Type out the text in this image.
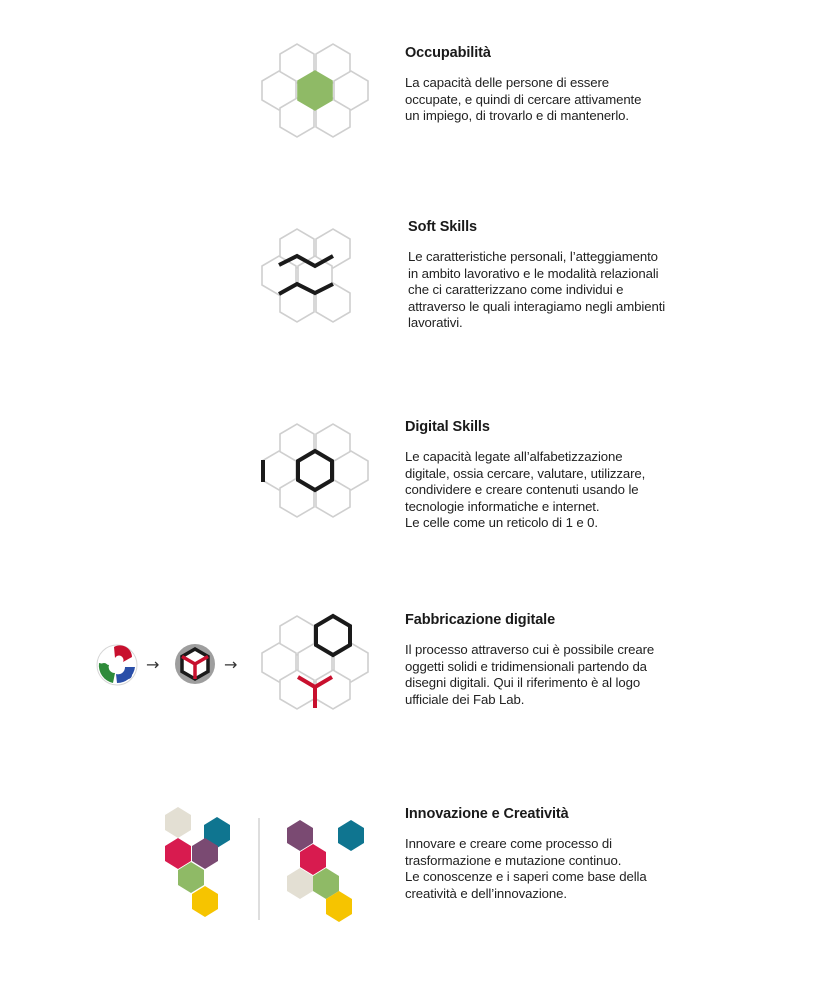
→	→
Occupabilità

La capacità delle persone di essere
occupate, e quindi di cercare attivamente
un impiego, di trovarlo e di mantenerlo.

Soft Skills

Le caratteristiche personali, l’atteggiamento
in ambito lavorativo e le modalità relazionali
che ci caratterizzano come individui e
attraverso le quali interagiamo negli ambienti
lavorativi.

Digital Skills

Le capacità legate all’alfabetizzazione
digitale, ossia cercare, valutare, utilizzare,
condividere e creare contenuti usando le
tecnologie informatiche e internet.
Le celle come un reticolo di 1 e 0.

Fabbricazione digitale

Il processo attraverso cui è possibile creare
oggetti solidi e tridimensionali partendo da
disegni digitali. Qui il riferimento è al logo
ufficiale dei Fab Lab.

Innovazione e Creatività

Innovare e creare come processo di
trasformazione e mutazione continuo.
Le conoscenze e i saperi come base della
creatività e dell’innovazione.
